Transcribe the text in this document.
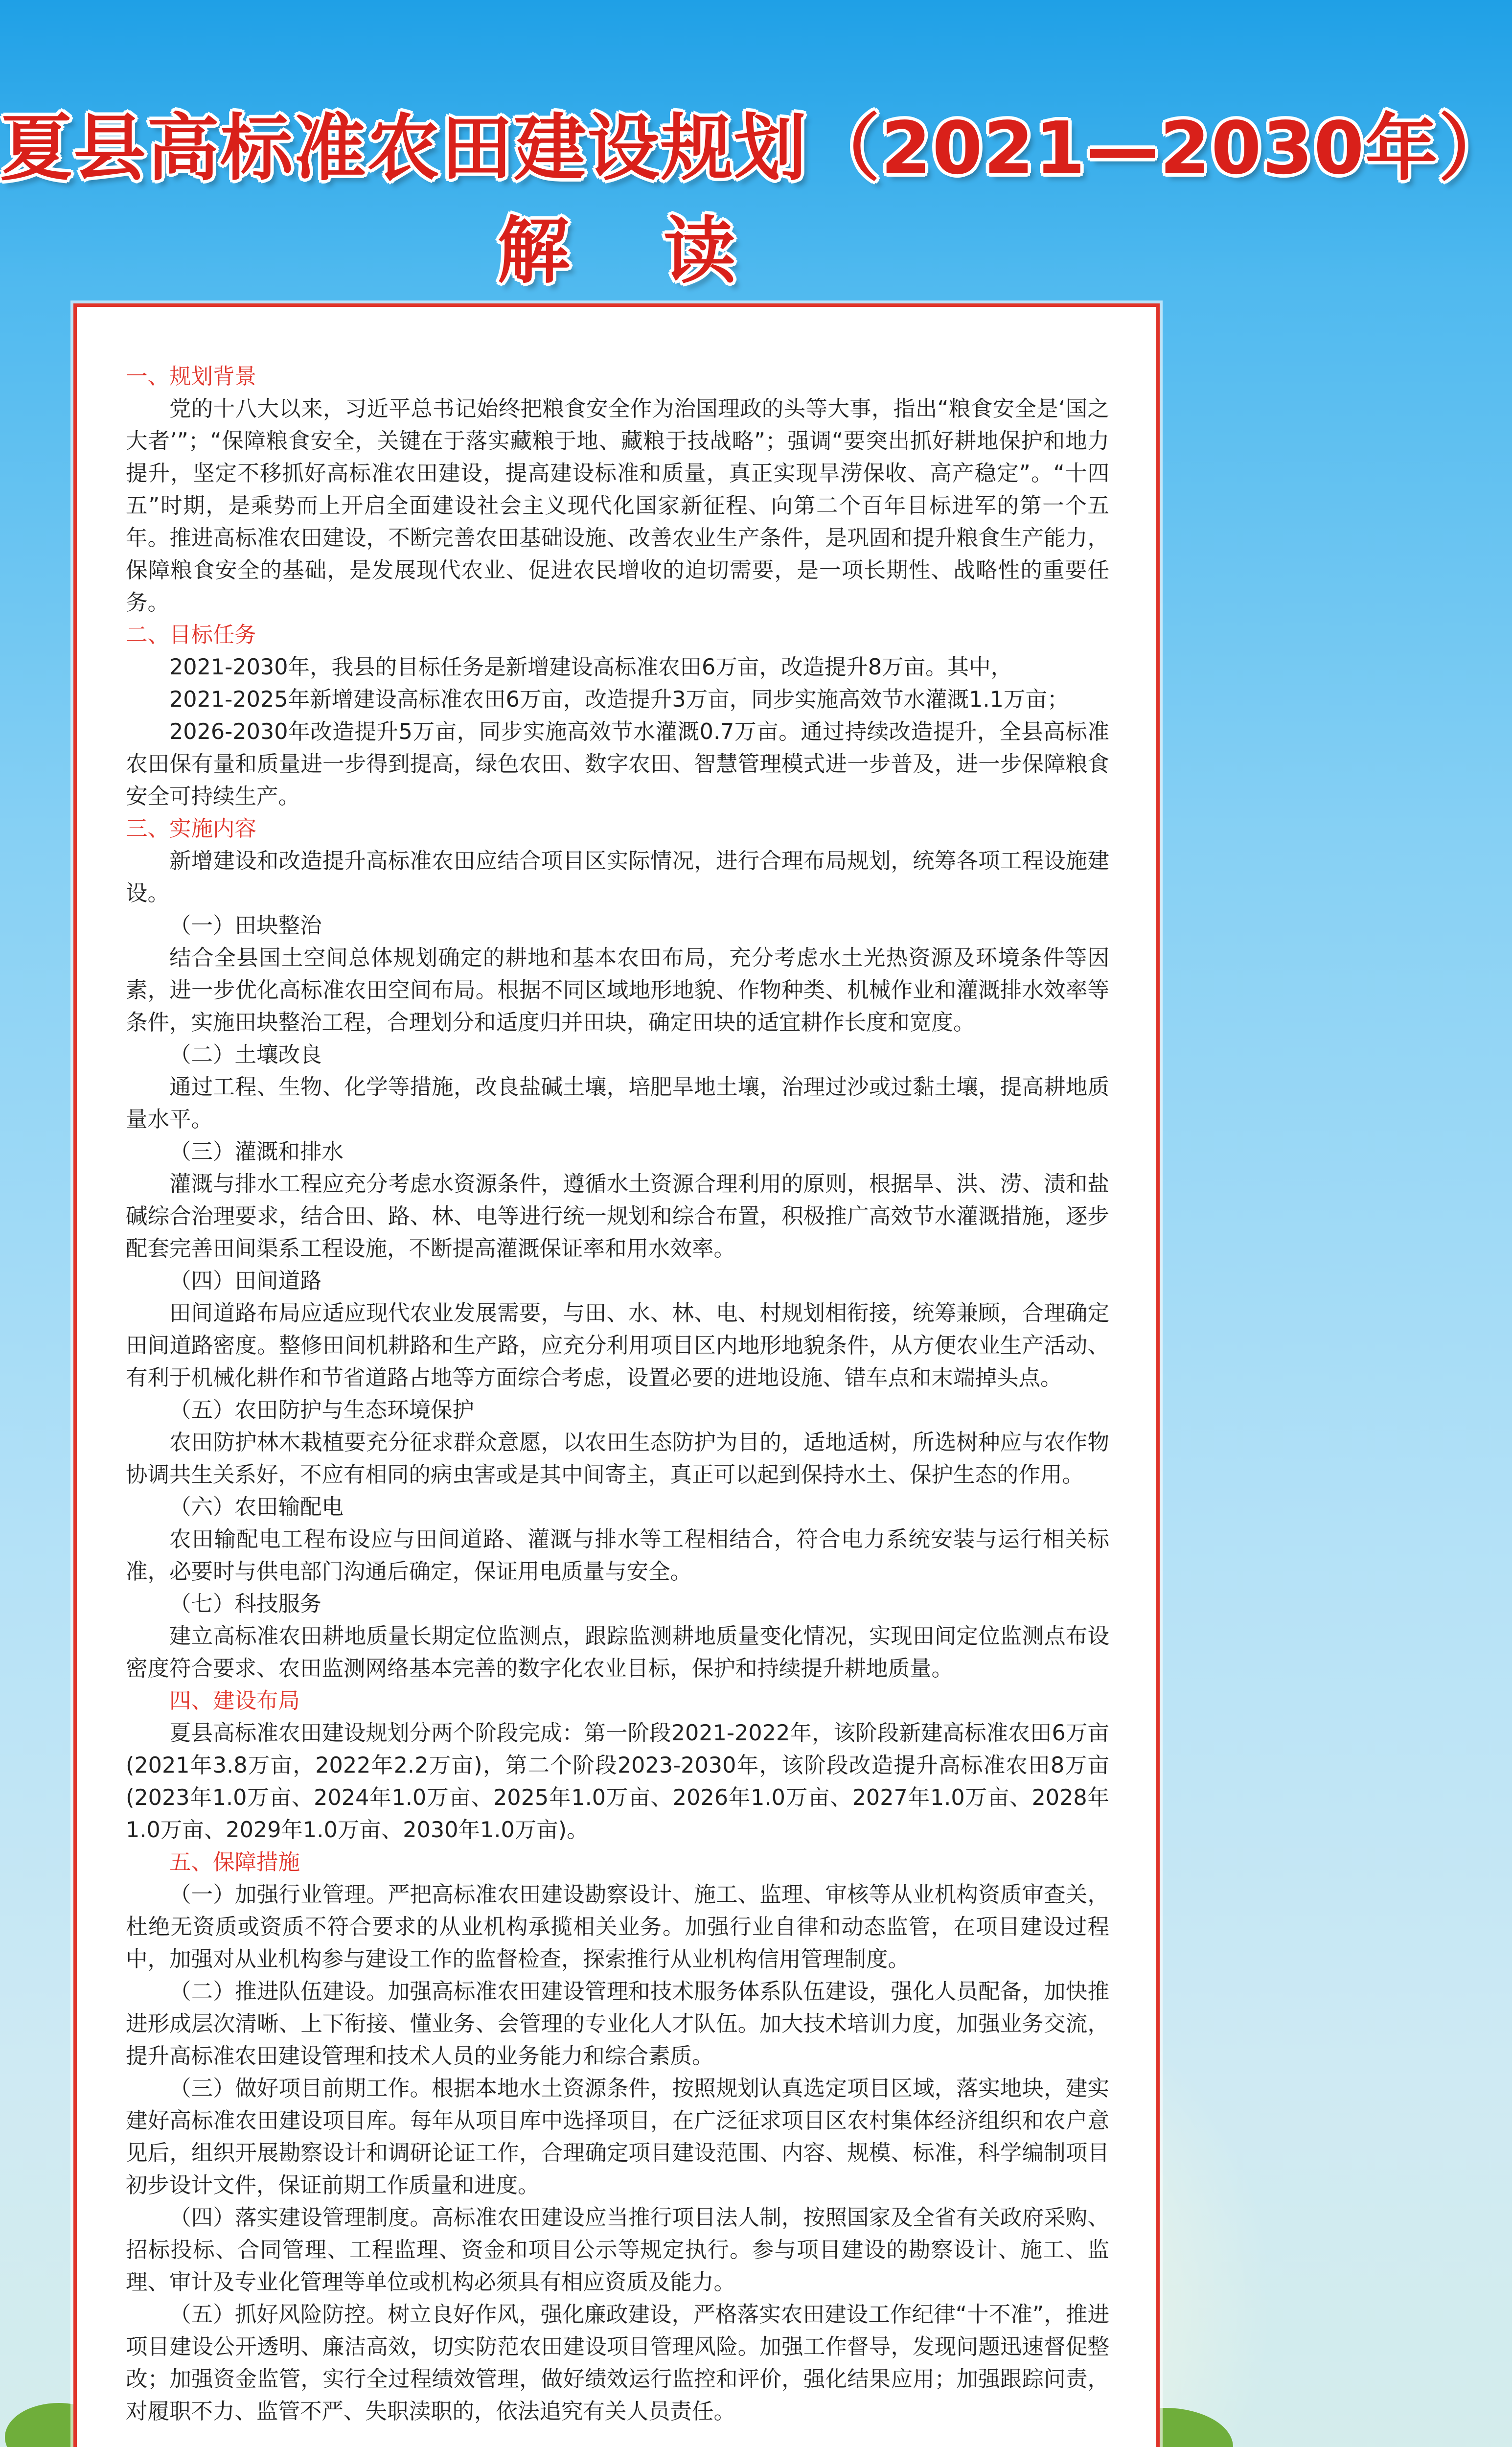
夏县高标准农田建设规划（2021—2030年）
解 读

一、规划背景

党的十八大以来，习近平总书记始终把粮食安全作为治国理政的头等大事，指出“粮食安全是‘国之大者’”；“保障粮食安全，关键在于落实藏粮于地、藏粮于技战略”；强调“要突出抓好耕地保护和地力提升，坚定不移抓好高标准农田建设，提高建设标准和质量，真正实现旱涝保收、高产稳定”。“十四五”时期，是乘势而上开启全面建设社会主义现代化国家新征程、向第二个百年目标进军的第一个五年。推进高标准农田建设，不断完善农田基础设施、改善农业生产条件，是巩固和提升粮食生产能力，保障粮食安全的基础，是发展现代农业、促进农民增收的迫切需要，是一项长期性、战略性的重要任务。

二、目标任务

2021-2030年，我县的目标任务是新增建设高标准农田6万亩，改造提升8万亩。其中，

2021-2025年新增建设高标准农田6万亩，改造提升3万亩，同步实施高效节水灌溉1.1万亩；

2026-2030年改造提升5万亩，同步实施高效节水灌溉0.7万亩。通过持续改造提升，全县高标准农田保有量和质量进一步得到提高，绿色农田、数字农田、智慧管理模式进一步普及，进一步保障粮食安全可持续生产。

三、实施内容

新增建设和改造提升高标准农田应结合项目区实际情况，进行合理布局规划，统筹各项工程设施建设。

（一）田块整治

结合全县国土空间总体规划确定的耕地和基本农田布局，充分考虑水土光热资源及环境条件等因素，进一步优化高标准农田空间布局。根据不同区域地形地貌、作物种类、机械作业和灌溉排水效率等条件，实施田块整治工程，合理划分和适度归并田块，确定田块的适宜耕作长度和宽度。

（二）土壤改良

通过工程、生物、化学等措施，改良盐碱土壤，培肥旱地土壤，治理过沙或过黏土壤，提高耕地质量水平。

（三）灌溉和排水

灌溉与排水工程应充分考虑水资源条件，遵循水土资源合理利用的原则，根据旱、洪、涝、渍和盐碱综合治理要求，结合田、路、林、电等进行统一规划和综合布置，积极推广高效节水灌溉措施，逐步配套完善田间渠系工程设施，不断提高灌溉保证率和用水效率。

（四）田间道路

田间道路布局应适应现代农业发展需要，与田、水、林、电、村规划相衔接，统筹兼顾，合理确定田间道路密度。整修田间机耕路和生产路，应充分利用项目区内地形地貌条件，从方便农业生产活动、有利于机械化耕作和节省道路占地等方面综合考虑，设置必要的进地设施、错车点和末端掉头点。

（五）农田防护与生态环境保护

农田防护林木栽植要充分征求群众意愿，以农田生态防护为目的，适地适树，所选树种应与农作物协调共生关系好，不应有相同的病虫害或是其中间寄主，真正可以起到保持水土、保护生态的作用。

（六）农田输配电

农田输配电工程布设应与田间道路、灌溉与排水等工程相结合，符合电力系统安装与运行相关标准，必要时与供电部门沟通后确定，保证用电质量与安全。

（七）科技服务

建立高标准农田耕地质量长期定位监测点，跟踪监测耕地质量变化情况，实现田间定位监测点布设密度符合要求、农田监测网络基本完善的数字化农业目标，保护和持续提升耕地质量。

四、建设布局

夏县高标准农田建设规划分两个阶段完成：第一阶段2021-2022年，该阶段新建高标准农田6万亩(2021年3.8万亩，2022年2.2万亩)，第二个阶段2023-2030年，该阶段改造提升高标准农田8万亩(2023年1.0万亩、2024年1.0万亩、2025年1.0万亩、2026年1.0万亩、2027年1.0万亩、2028年1.0万亩、2029年1.0万亩、2030年1.0万亩)。

五、保障措施

（一）加强行业管理。严把高标准农田建设勘察设计、施工、监理、审核等从业机构资质审查关，杜绝无资质或资质不符合要求的从业机构承揽相关业务。加强行业自律和动态监管，在项目建设过程中，加强对从业机构参与建设工作的监督检查，探索推行从业机构信用管理制度。

（二）推进队伍建设。加强高标准农田建设管理和技术服务体系队伍建设，强化人员配备，加快推进形成层次清晰、上下衔接、懂业务、会管理的专业化人才队伍。加大技术培训力度，加强业务交流，提升高标准农田建设管理和技术人员的业务能力和综合素质。

（三）做好项目前期工作。根据本地水土资源条件，按照规划认真选定项目区域，落实地块，建实建好高标准农田建设项目库。每年从项目库中选择项目，在广泛征求项目区农村集体经济组织和农户意见后，组织开展勘察设计和调研论证工作，合理确定项目建设范围、内容、规模、标准，科学编制项目初步设计文件，保证前期工作质量和进度。

（四）落实建设管理制度。高标准农田建设应当推行项目法人制，按照国家及全省有关政府采购、招标投标、合同管理、工程监理、资金和项目公示等规定执行。参与项目建设的勘察设计、施工、监理、审计及专业化管理等单位或机构必须具有相应资质及能力。

（五）抓好风险防控。树立良好作风，强化廉政建设，严格落实农田建设工作纪律“十不准”，推进项目建设公开透明、廉洁高效，切实防范农田建设项目管理风险。加强工作督导，发现问题迅速督促整改；加强资金监管，实行全过程绩效管理，做好绩效运行监控和评价，强化结果应用；加强跟踪问责，对履职不力、监管不严、失职渎职的，依法追究有关人员责任。
